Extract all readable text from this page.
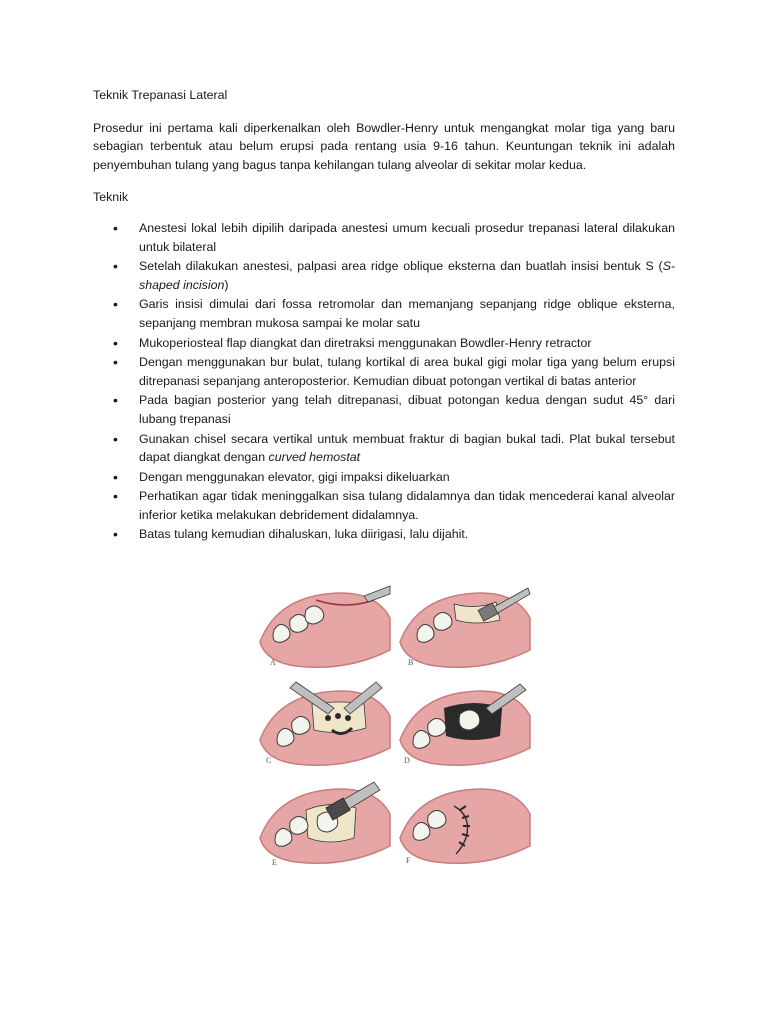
Teknik Trepanasi Lateral
Prosedur ini pertama kali diperkenalkan oleh Bowdler-Henry untuk mengangkat molar tiga yang baru sebagian terbentuk atau belum erupsi pada rentang usia 9-16 tahun. Keuntungan teknik ini adalah penyembuhan tulang yang bagus tanpa kehilangan tulang alveolar di sekitar molar kedua.
Teknik
• Anestesi lokal lebih dipilih daripada anestesi umum kecuali prosedur trepanasi lateral dilakukan untuk bilateral
• Setelah dilakukan anestesi, palpasi area ridge oblique eksterna dan buatlah insisi bentuk S (S-shaped incision)
• Garis insisi dimulai dari fossa retromolar dan memanjang sepanjang ridge oblique eksterna, sepanjang membran mukosa sampai ke molar satu
• Mukoperiosteal flap diangkat dan diretraksi menggunakan Bowdler-Henry retractor
• Dengan menggunakan bur bulat, tulang kortikal di area bukal gigi molar tiga yang belum erupsi ditrepanasi sepanjang anteroposterior. Kemudian dibuat potongan vertikal di batas anterior
• Pada bagian posterior yang telah ditrepanasi, dibuat potongan kedua dengan sudut 45° dari lubang trepanasi
• Gunakan chisel secara vertikal untuk membuat fraktur di bagian bukal tadi. Plat bukal tersebut dapat diangkat dengan curved hemostat
• Dengan menggunakan elevator, gigi impaksi dikeluarkan
• Perhatikan agar tidak meninggalkan sisa tulang didalamnya dan tidak mencederai kanal alveolar inferior ketika melakukan debridement didalamnya.
• Batas tulang kemudian dihaluskan, luka diirigasi, lalu dijahit.
A	B
C	D
E	F
